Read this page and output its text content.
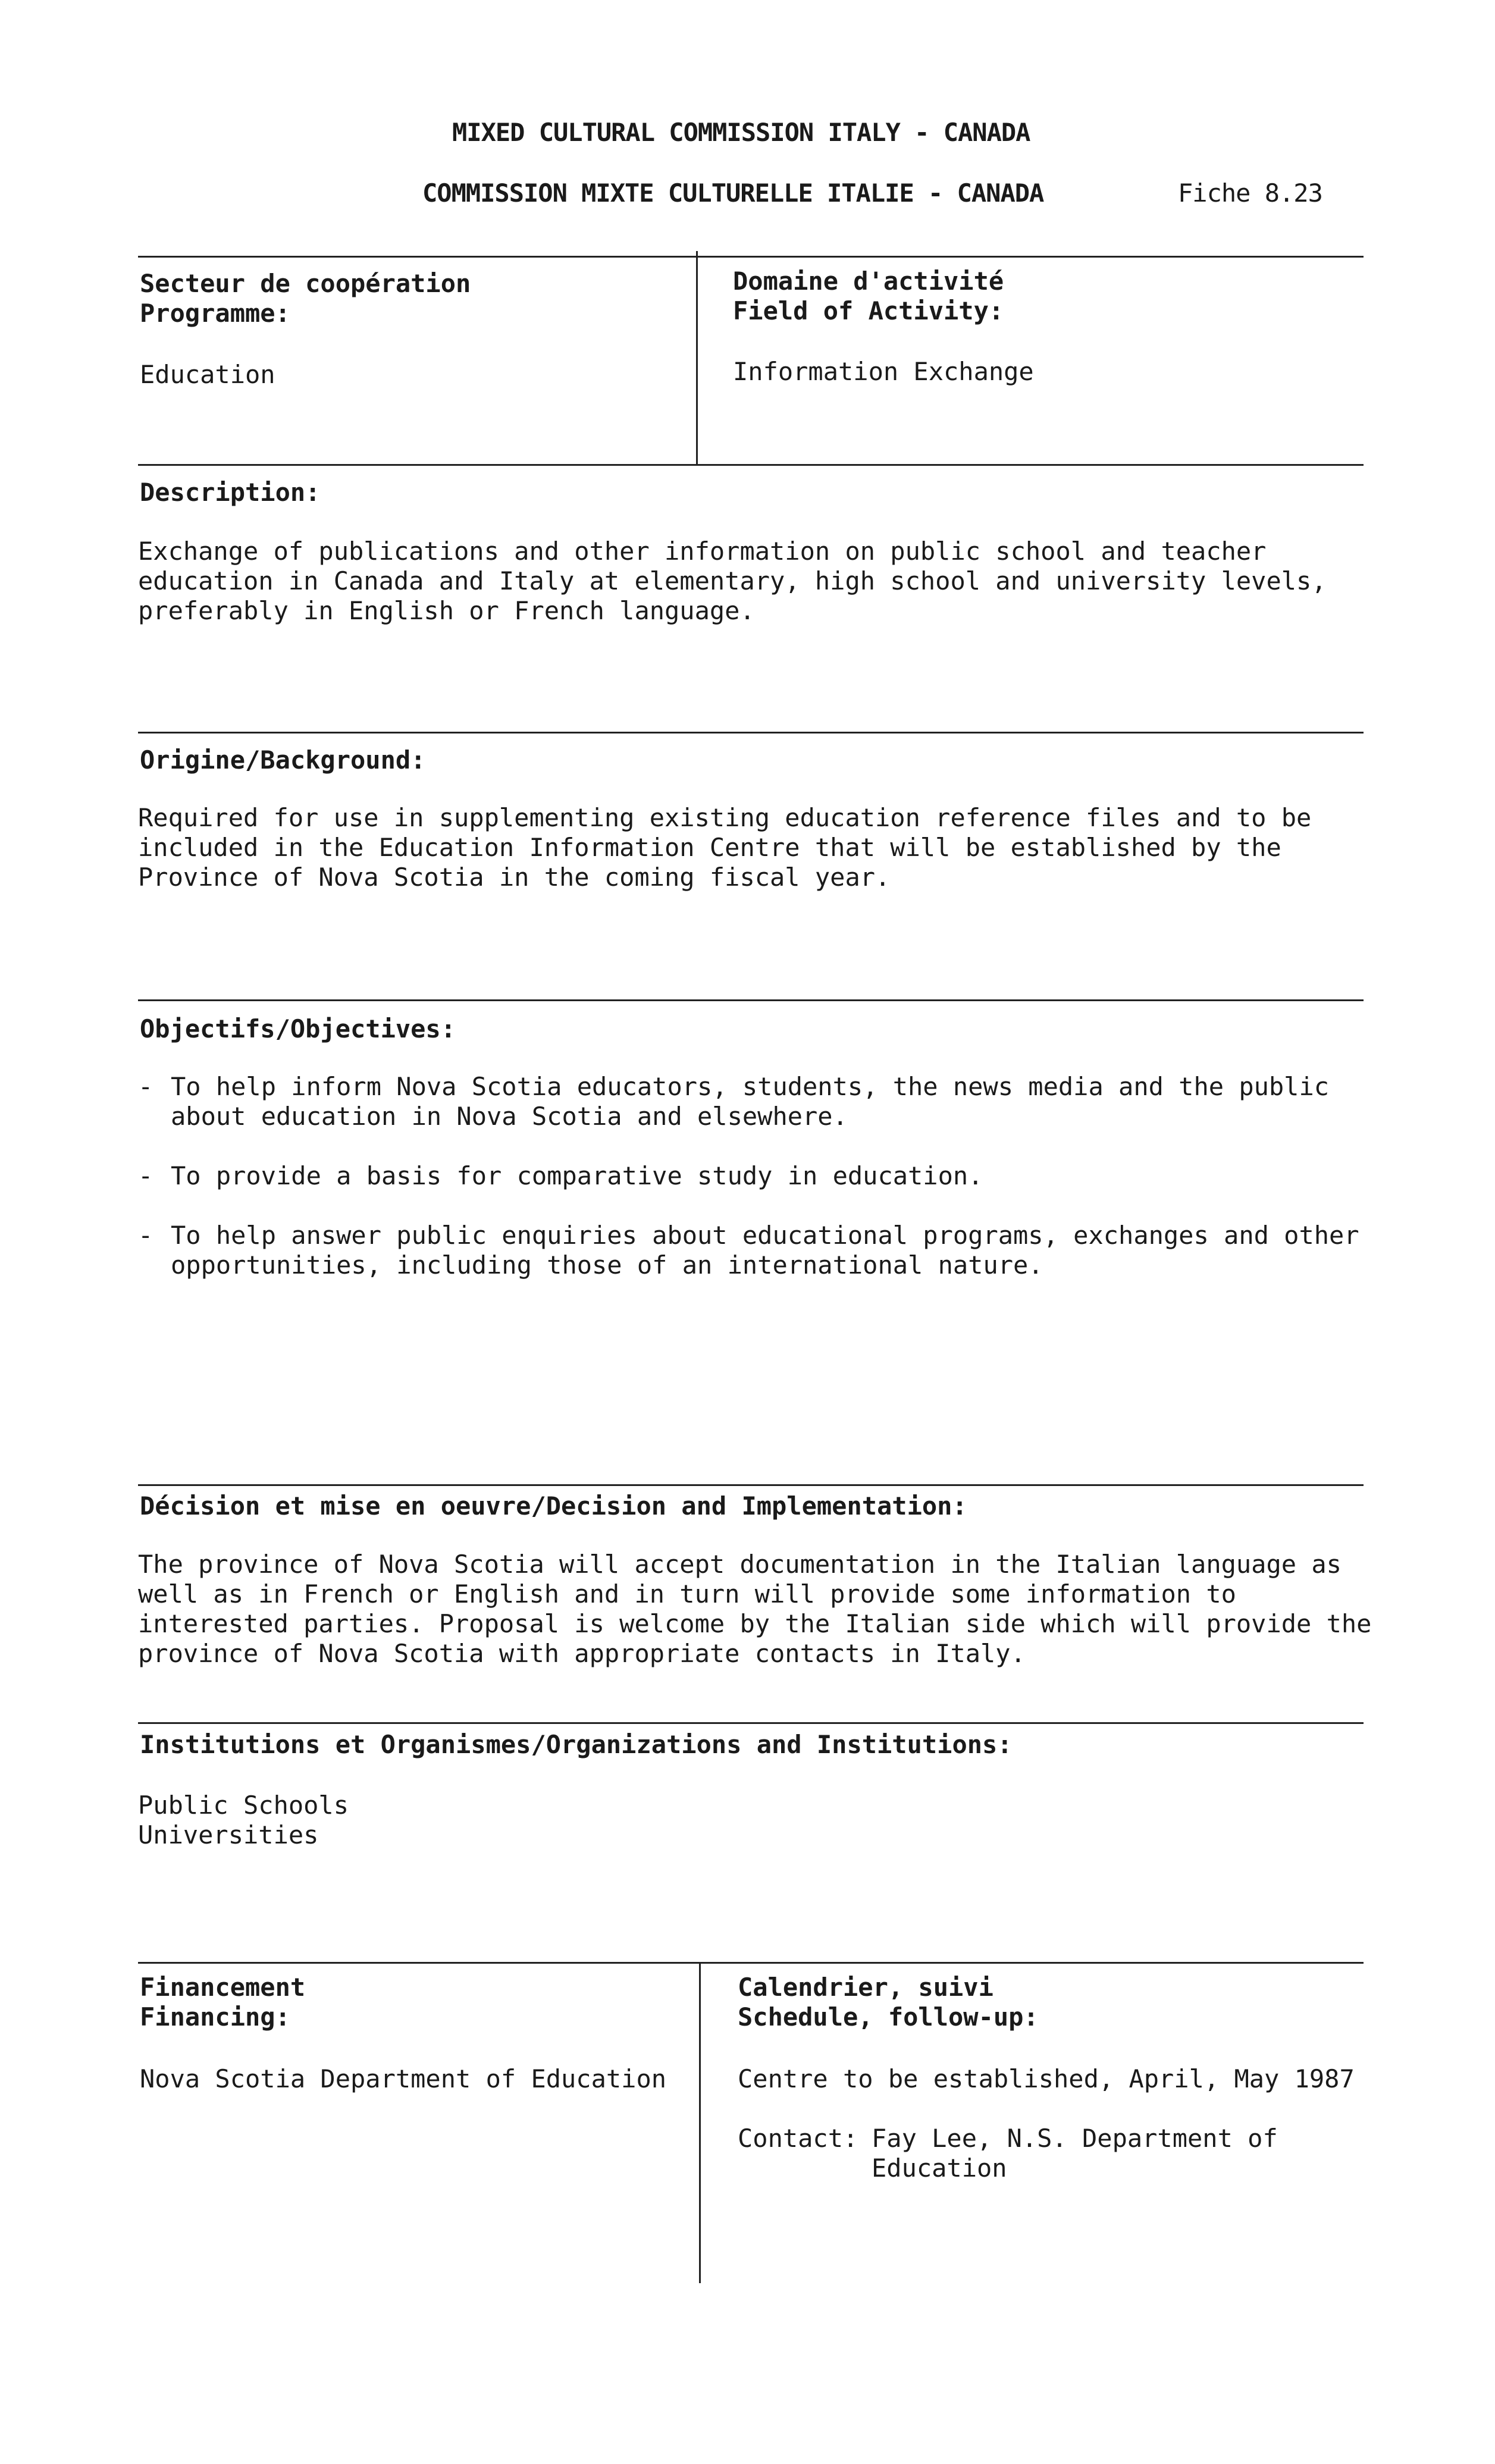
MIXED CULTURAL COMMISSION ITALY - CANADA
COMMISSION MIXTE CULTURELLE ITALIE - CANADA	Fiche 8.23
Secteur de coopération
Programme:
Education
Domaine d'activité
Field of Activity:
Information Exchange
Description:
Exchange of publications and other information on public school and teacher
education in Canada and Italy at elementary, high school and university levels,
preferably in English or French language.
Origine/Background:
Required for use in supplementing existing education reference files and to be
included in the Education Information Centre that will be established by the
Province of Nova Scotia in the coming fiscal year.
Objectifs/Objectives:
- To help inform Nova Scotia educators, students, the news media and the public
about education in Nova Scotia and elsewhere.
- To provide a basis for comparative study in education.
- To help answer public enquiries about educational programs, exchanges and other
opportunities, including those of an international nature.
Décision et mise en oeuvre/Decision and Implementation:
The province of Nova Scotia will accept documentation in the Italian language as
well as in French or English and in turn will provide some information to
interested parties. Proposal is welcome by the Italian side which will provide the
province of Nova Scotia with appropriate contacts in Italy.
Institutions et Organismes/Organizations and Institutions:
Public Schools
Universities
Financement
Financing:
Nova Scotia Department of Education
Calendrier, suivi
Schedule, follow-up:
Centre to be established, April, May 1987
Contact: Fay Lee, N.S. Department of
Education
